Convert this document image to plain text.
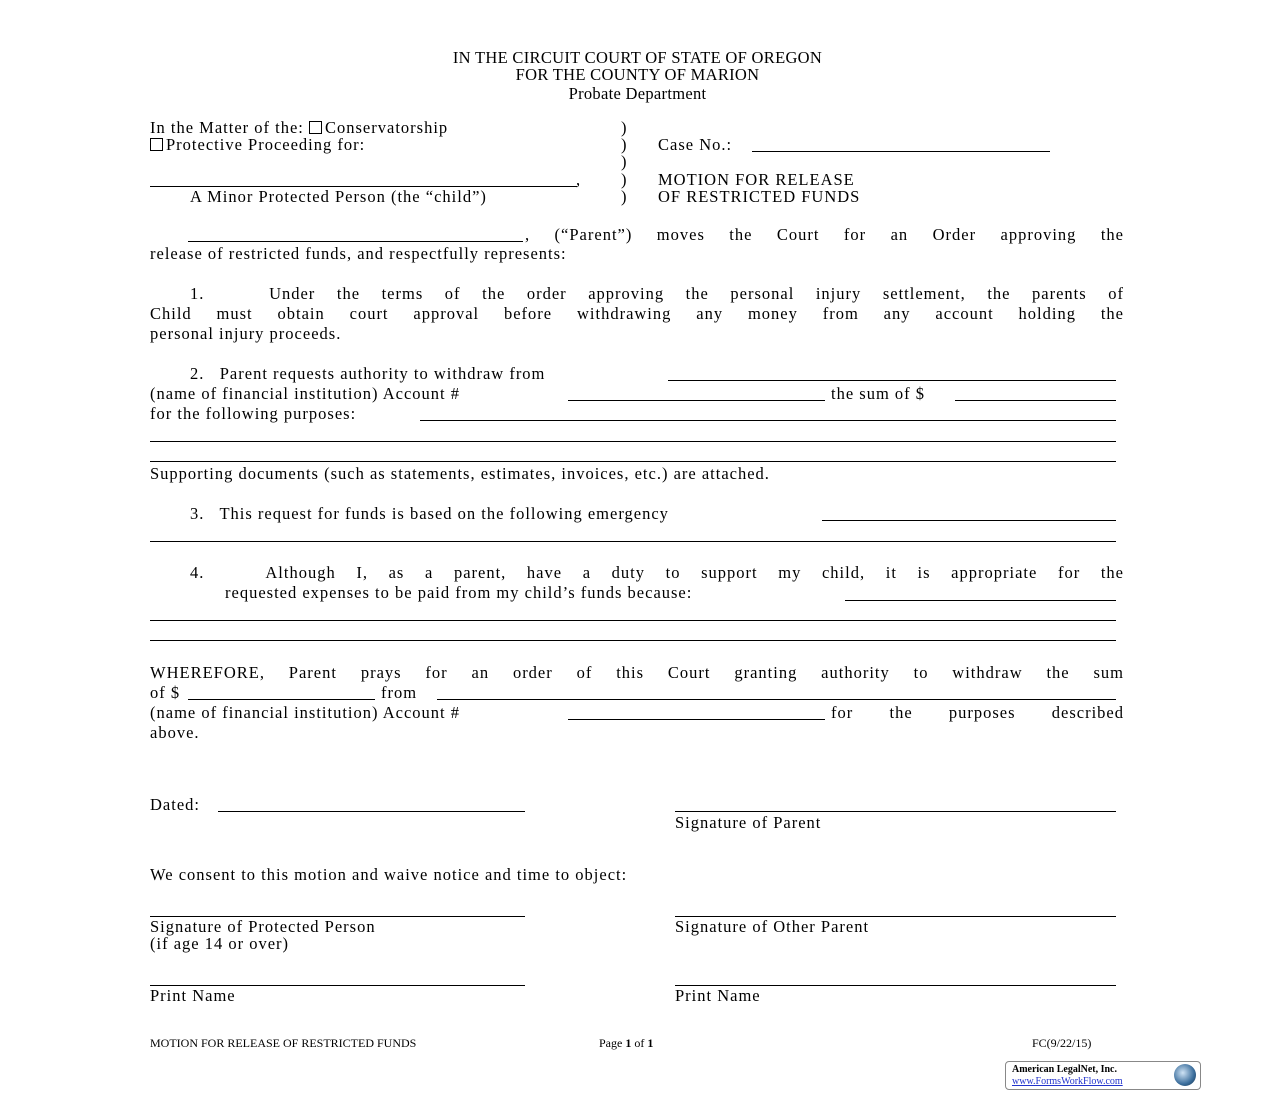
IN THE CIRCUIT COURT OF STATE OF OREGON
FOR THE COUNTY OF MARION
Probate Department
In the Matter of the: Conservatorship
Protective Proceeding for:
)
)
)
)
)
Case No.:
,
A Minor Protected Person (the “child”)
MOTION FOR RELEASE
OF RESTRICTED FUNDS
, (“Parent”) moves the Court for an Order approving the
release of restricted funds, and respectfully represents:
1.   Under the terms of the order approving the personal injury settlement, the parents of
Child must obtain court approval before withdrawing any money from any account holding the
personal injury proceeds.
2.   Parent requests authority to withdraw from
(name of financial institution) Account #	the sum of $
for the following purposes:
Supporting documents (such as statements, estimates, invoices, etc.) are attached.
3.   This request for funds is based on the following emergency
4.   Although I, as a parent, have a duty to support my child, it is appropriate for the
requested expenses to be paid from my child’s funds because:
WHEREFORE, Parent prays for an order of this Court granting authority to withdraw the sum
of $	from
(name of financial institution) Account #	for the purposes described
above.
Dated:
Signature of Parent
We consent to this motion and waive notice and time to object:
Signature of Protected Person
(if age 14 or over)
Signature of Other Parent
Print Name	Print Name
MOTION FOR RELEASE OF RESTRICTED FUNDS	Page 1 of 1	FC(9/22/15)
American LegalNet, Inc.
www.FormsWorkFlow.com
